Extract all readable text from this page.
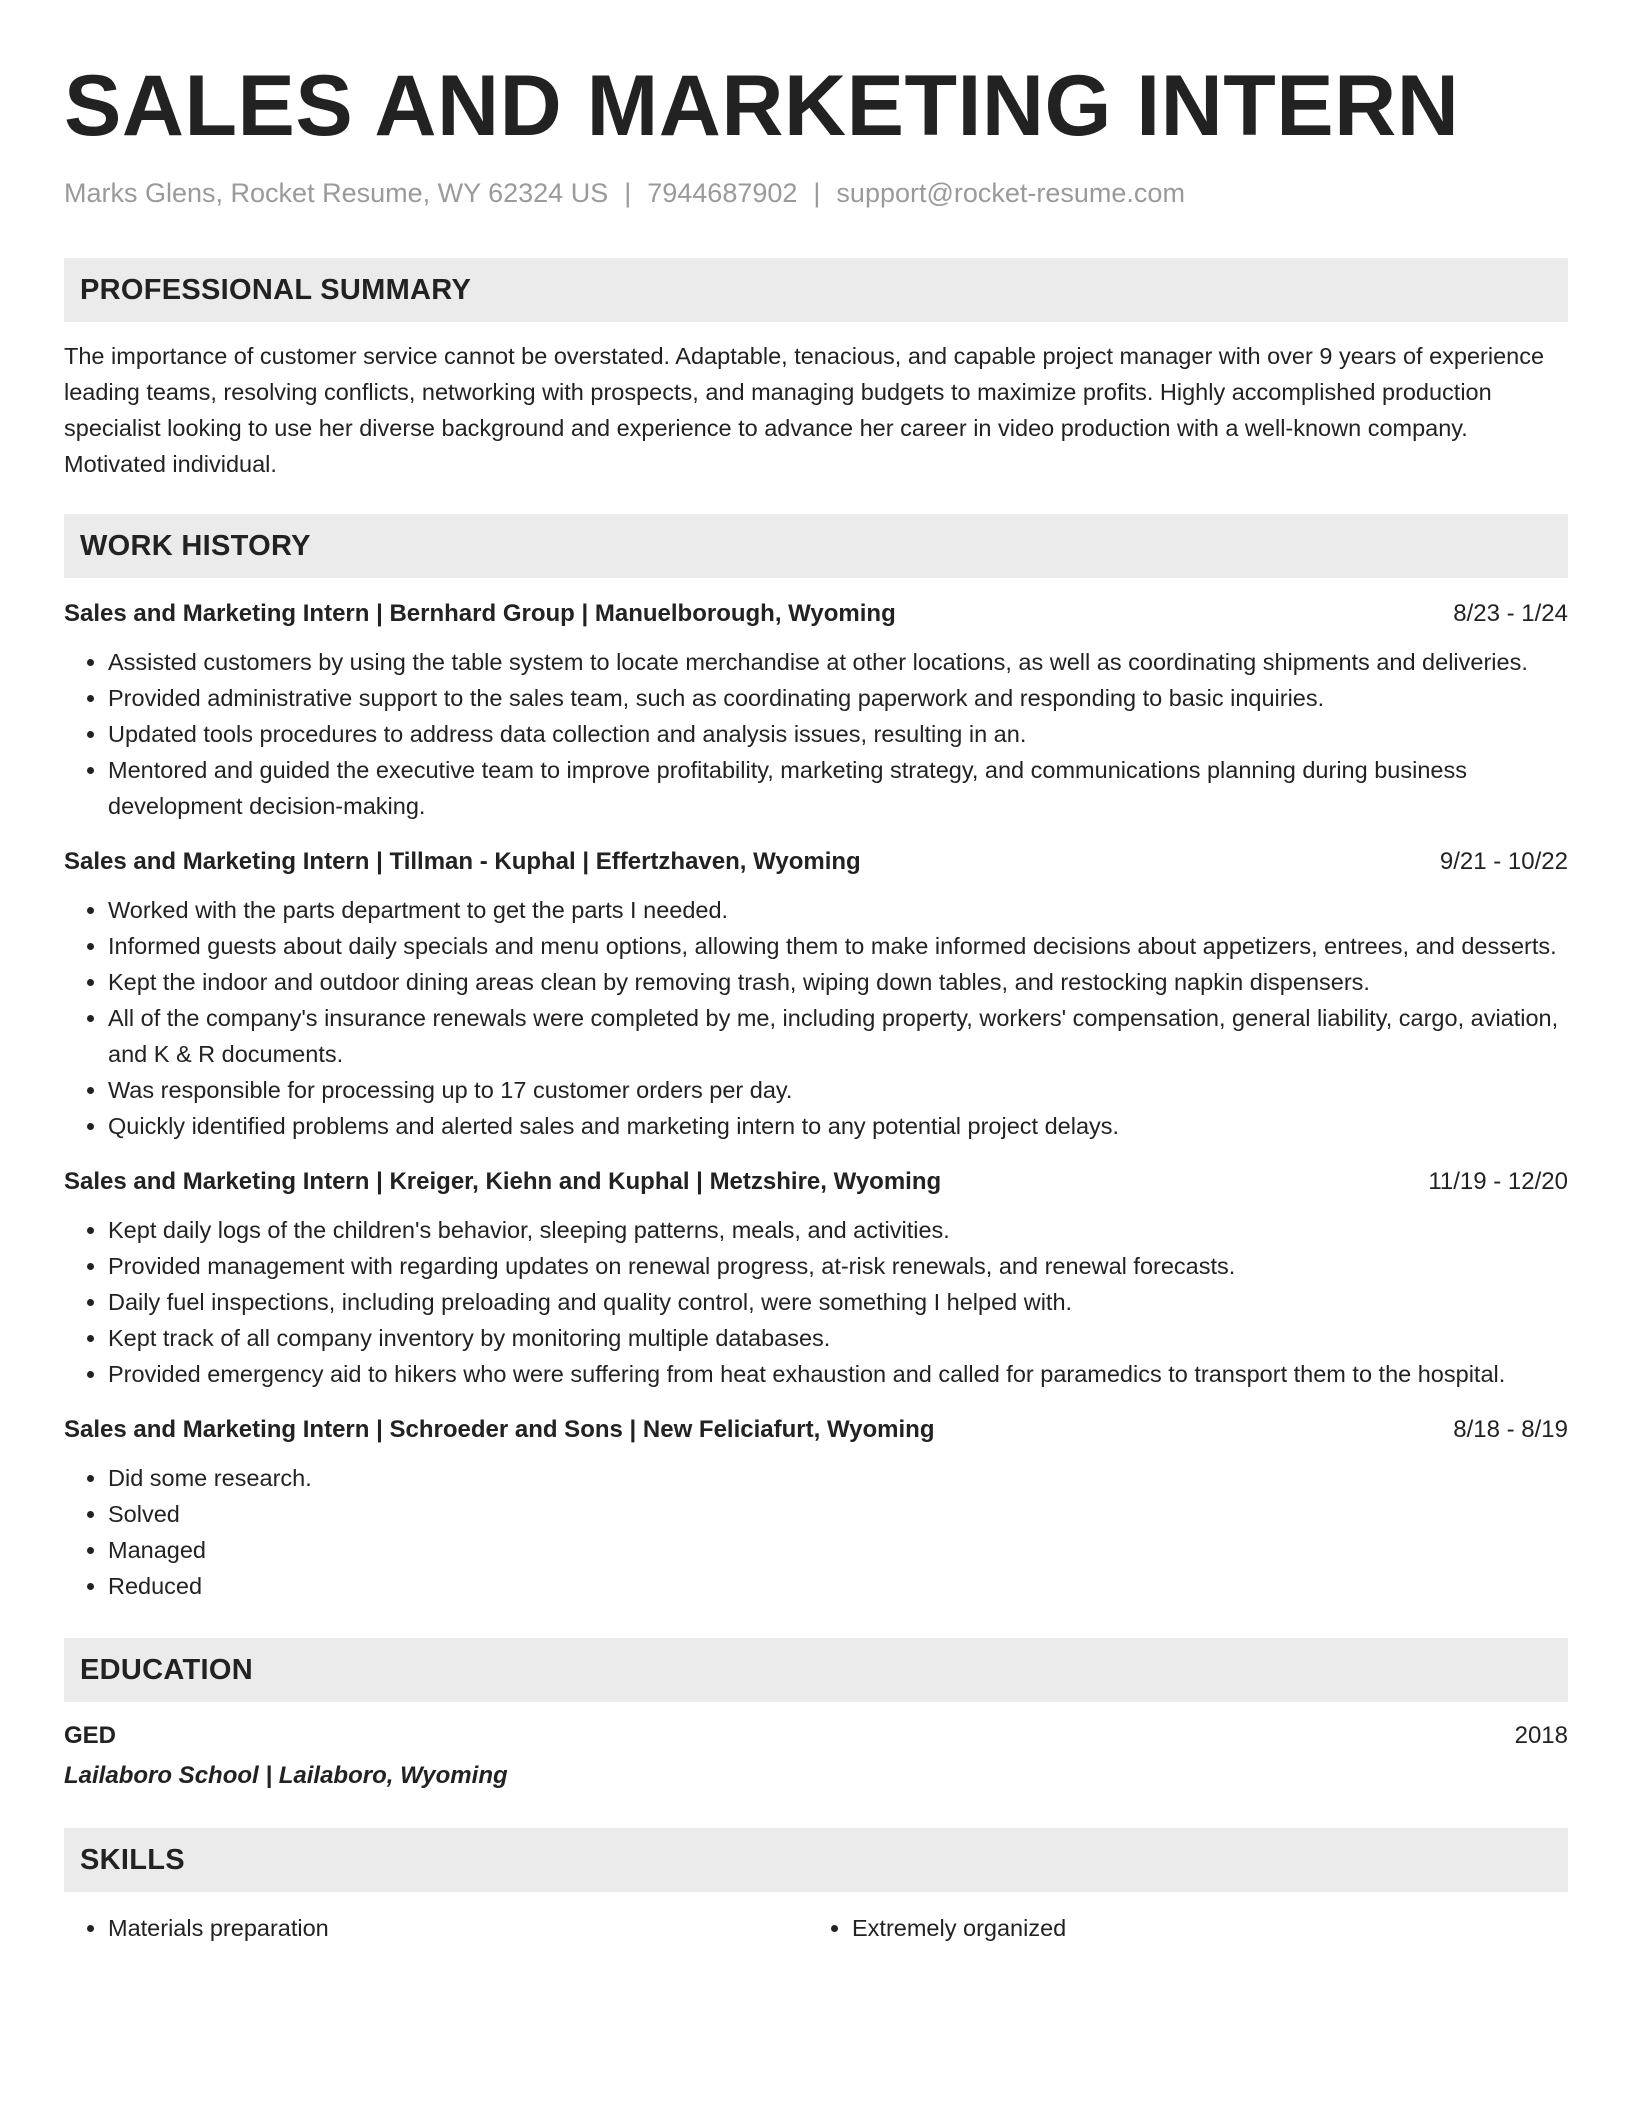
SALES AND MARKETING INTERN
Marks Glens, Rocket Resume, WY 62324 US | 7944687902 | support@rocket-resume.com
PROFESSIONAL SUMMARY
The importance of customer service cannot be overstated. Adaptable, tenacious, and capable project manager with over 9 years of experience leading teams, resolving conflicts, networking with prospects, and managing budgets to maximize profits. Highly accomplished production specialist looking to use her diverse background and experience to advance her career in video production with a well-known company. Motivated individual.
WORK HISTORY
Sales and Marketing Intern | Bernhard Group | Manuelborough, Wyoming	8/23 - 1/24
• Assisted customers by using the table system to locate merchandise at other locations, as well as coordinating shipments and deliveries.
• Provided administrative support to the sales team, such as coordinating paperwork and responding to basic inquiries.
• Updated tools procedures to address data collection and analysis issues, resulting in an.
• Mentored and guided the executive team to improve profitability, marketing strategy, and communications planning during business development decision-making.
Sales and Marketing Intern | Tillman - Kuphal | Effertzhaven, Wyoming	9/21 - 10/22
• Worked with the parts department to get the parts I needed.
• Informed guests about daily specials and menu options, allowing them to make informed decisions about appetizers, entrees, and desserts.
• Kept the indoor and outdoor dining areas clean by removing trash, wiping down tables, and restocking napkin dispensers.
• All of the company's insurance renewals were completed by me, including property, workers' compensation, general liability, cargo, aviation, and K & R documents.
• Was responsible for processing up to 17 customer orders per day.
• Quickly identified problems and alerted sales and marketing intern to any potential project delays.
Sales and Marketing Intern | Kreiger, Kiehn and Kuphal | Metzshire, Wyoming	11/19 - 12/20
• Kept daily logs of the children's behavior, sleeping patterns, meals, and activities.
• Provided management with regarding updates on renewal progress, at-risk renewals, and renewal forecasts.
• Daily fuel inspections, including preloading and quality control, were something I helped with.
• Kept track of all company inventory by monitoring multiple databases.
• Provided emergency aid to hikers who were suffering from heat exhaustion and called for paramedics to transport them to the hospital.
Sales and Marketing Intern | Schroeder and Sons | New Feliciafurt, Wyoming	8/18 - 8/19
• Did some research.
• Solved
• Managed
• Reduced
EDUCATION
GED	2018
Lailaboro School | Lailaboro, Wyoming
SKILLS
• Materials preparation
•	Extremely organized
